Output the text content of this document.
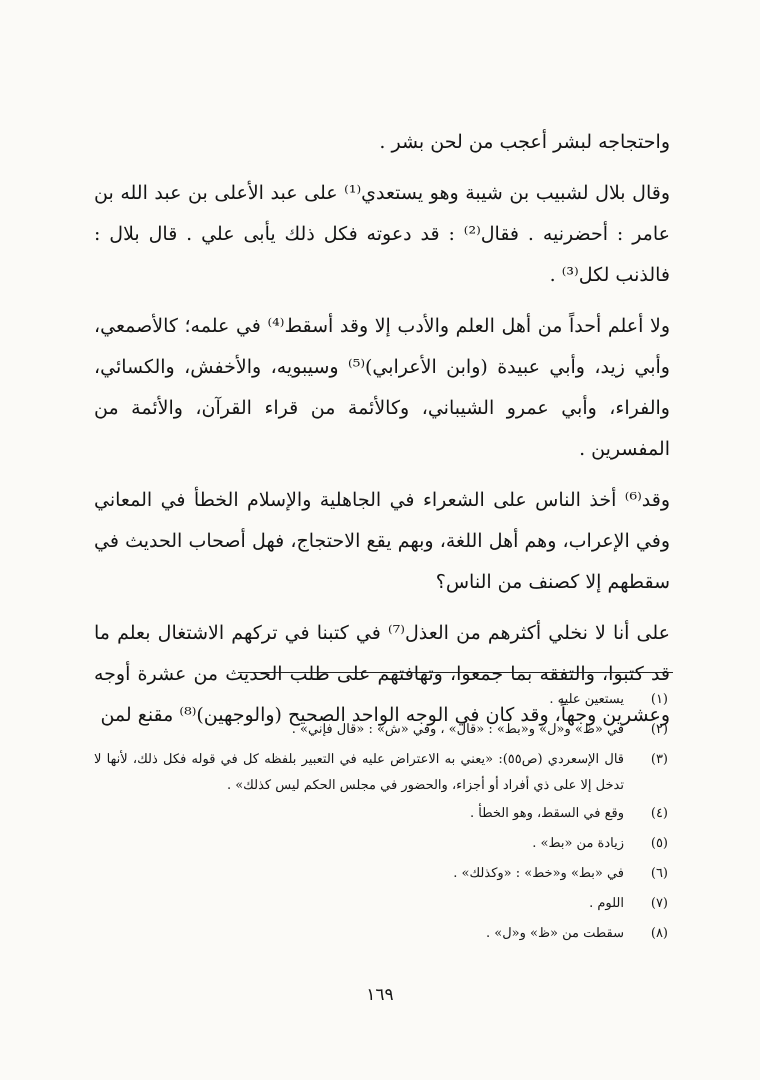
واحتجاجه لبشر أعجب من لحن بشر .

وقال بلال لشبيب بن شيبة وهو يستعدي⁽¹⁾ على عبد الأعلى بن عبد الله بن عامر : أحضرنيه . فقال⁽²⁾ : قد دعوته فكل ذلك يأبى علي . قال بلال : فالذنب لكل⁽³⁾ .

ولا أعلم أحداً من أهل العلم والأدب إلا وقد أسقط⁽⁴⁾ في علمه؛ كالأصمعي، وأبي زيد، وأبي عبيدة (وابن الأعرابي)⁽⁵⁾ وسيبويه، والأخفش، والكسائي، والفراء، وأبي عمرو الشيباني، وكالأئمة من قراء القرآن، والأئمة من المفسرين .

وقد⁽⁶⁾ أخذ الناس على الشعراء في الجاهلية والإسلام الخطأ في المعاني وفي الإعراب، وهم أهل اللغة، وبهم يقع الاحتجاج، فهل أصحاب الحديث في سقطهم إلا كصنف من الناس؟

على أنا لا نخلي أكثرهم من العذل⁽⁷⁾ في كتبنا في تركهم الاشتغال بعلم ما قد كتبوا، والتفقه بما جمعوا، وتهافتهم على طلب الحديث من عشرة أوجه وعشرين وجهاً، وقد كان في الوجه الواحد الصحيح (والوجهين)⁽⁸⁾ مقنع لمن

(١)
يستعين عليه .
(٢)
في «ظ» و«ل» و«بط» : «قال» ، وفي «ش» : «قال فإني» .
(٣)
قال الإسعردي (ص٥٥): «يعني به الاعتراض عليه في التعبير بلفظه كل في قوله فكل ذلك، لأنها لا تدخل إلا على ذي أفراد أو أجزاء، والحضور في مجلس الحكم ليس كذلك» .
(٤)
وقع في السقط، وهو الخطأ .
(٥)
زيادة من «بط» .
(٦)
في «بط» و«خط» : «وكذلك» .
(٧)
اللوم .
(٨)
سقطت من «ظ» و«ل» .
١٦٩
